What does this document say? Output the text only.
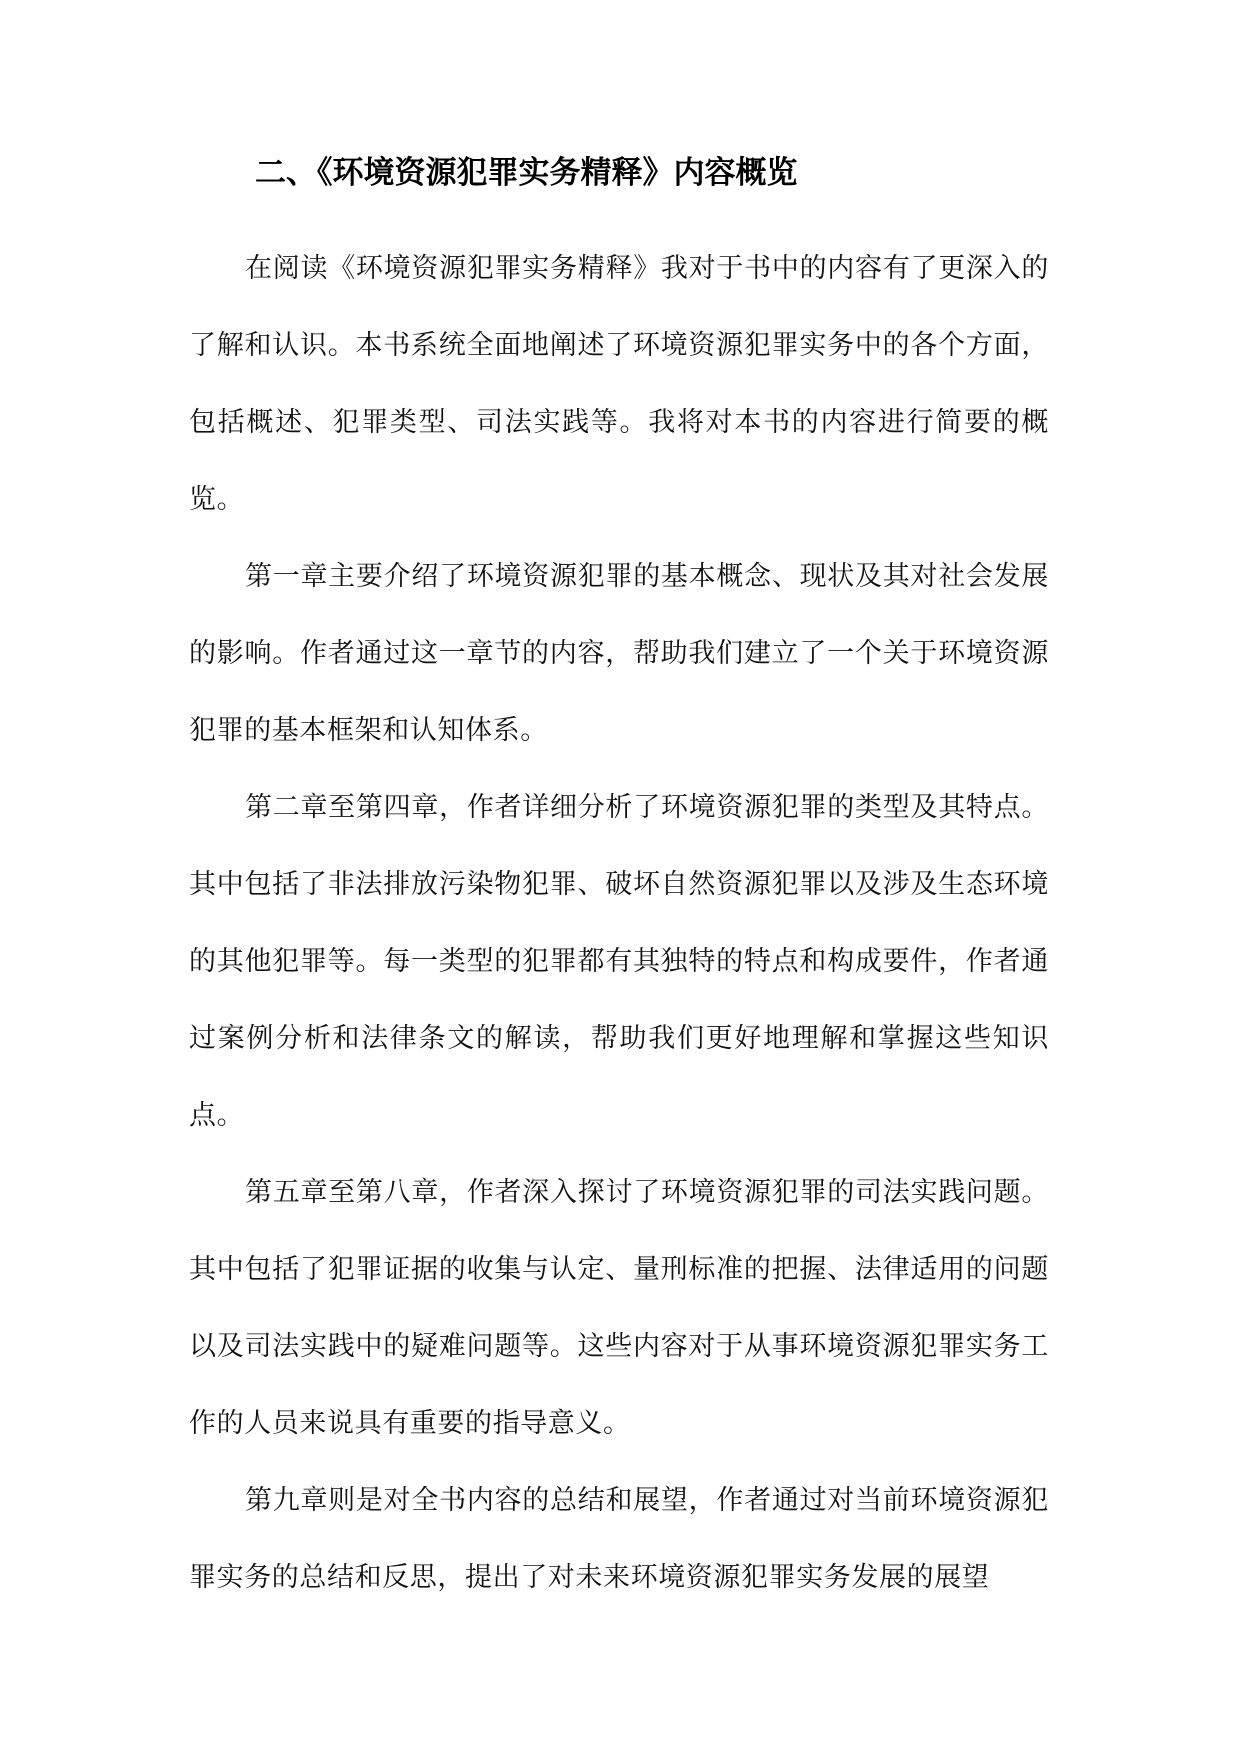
二、《环境资源犯罪实务精释》内容概览

在阅读《环境资源犯罪实务精释》我对于书中的内容有了更深入的了解和认识。本书系统全面地阐述了环境资源犯罪实务中的各个方面，包括概述、犯罪类型、司法实践等。我将对本书的内容进行简要的概览。

第一章主要介绍了环境资源犯罪的基本概念、现状及其对社会发展的影响。作者通过这一章节的内容，帮助我们建立了一个关于环境资源犯罪的基本框架和认知体系。

第二章至第四章，作者详细分析了环境资源犯罪的类型及其特点。其中包括了非法排放污染物犯罪、破坏自然资源犯罪以及涉及生态环境的其他犯罪等。每一类型的犯罪都有其独特的特点和构成要件，作者通过案例分析和法律条文的解读，帮助我们更好地理解和掌握这些知识点。

第五章至第八章，作者深入探讨了环境资源犯罪的司法实践问题。其中包括了犯罪证据的收集与认定、量刑标准的把握、法律适用的问题以及司法实践中的疑难问题等。这些内容对于从事环境资源犯罪实务工作的人员来说具有重要的指导意义。

第九章则是对全书内容的总结和展望，作者通过对当前环境资源犯罪实务的总结和反思，提出了对未来环境资源犯罪实务发展的展望
